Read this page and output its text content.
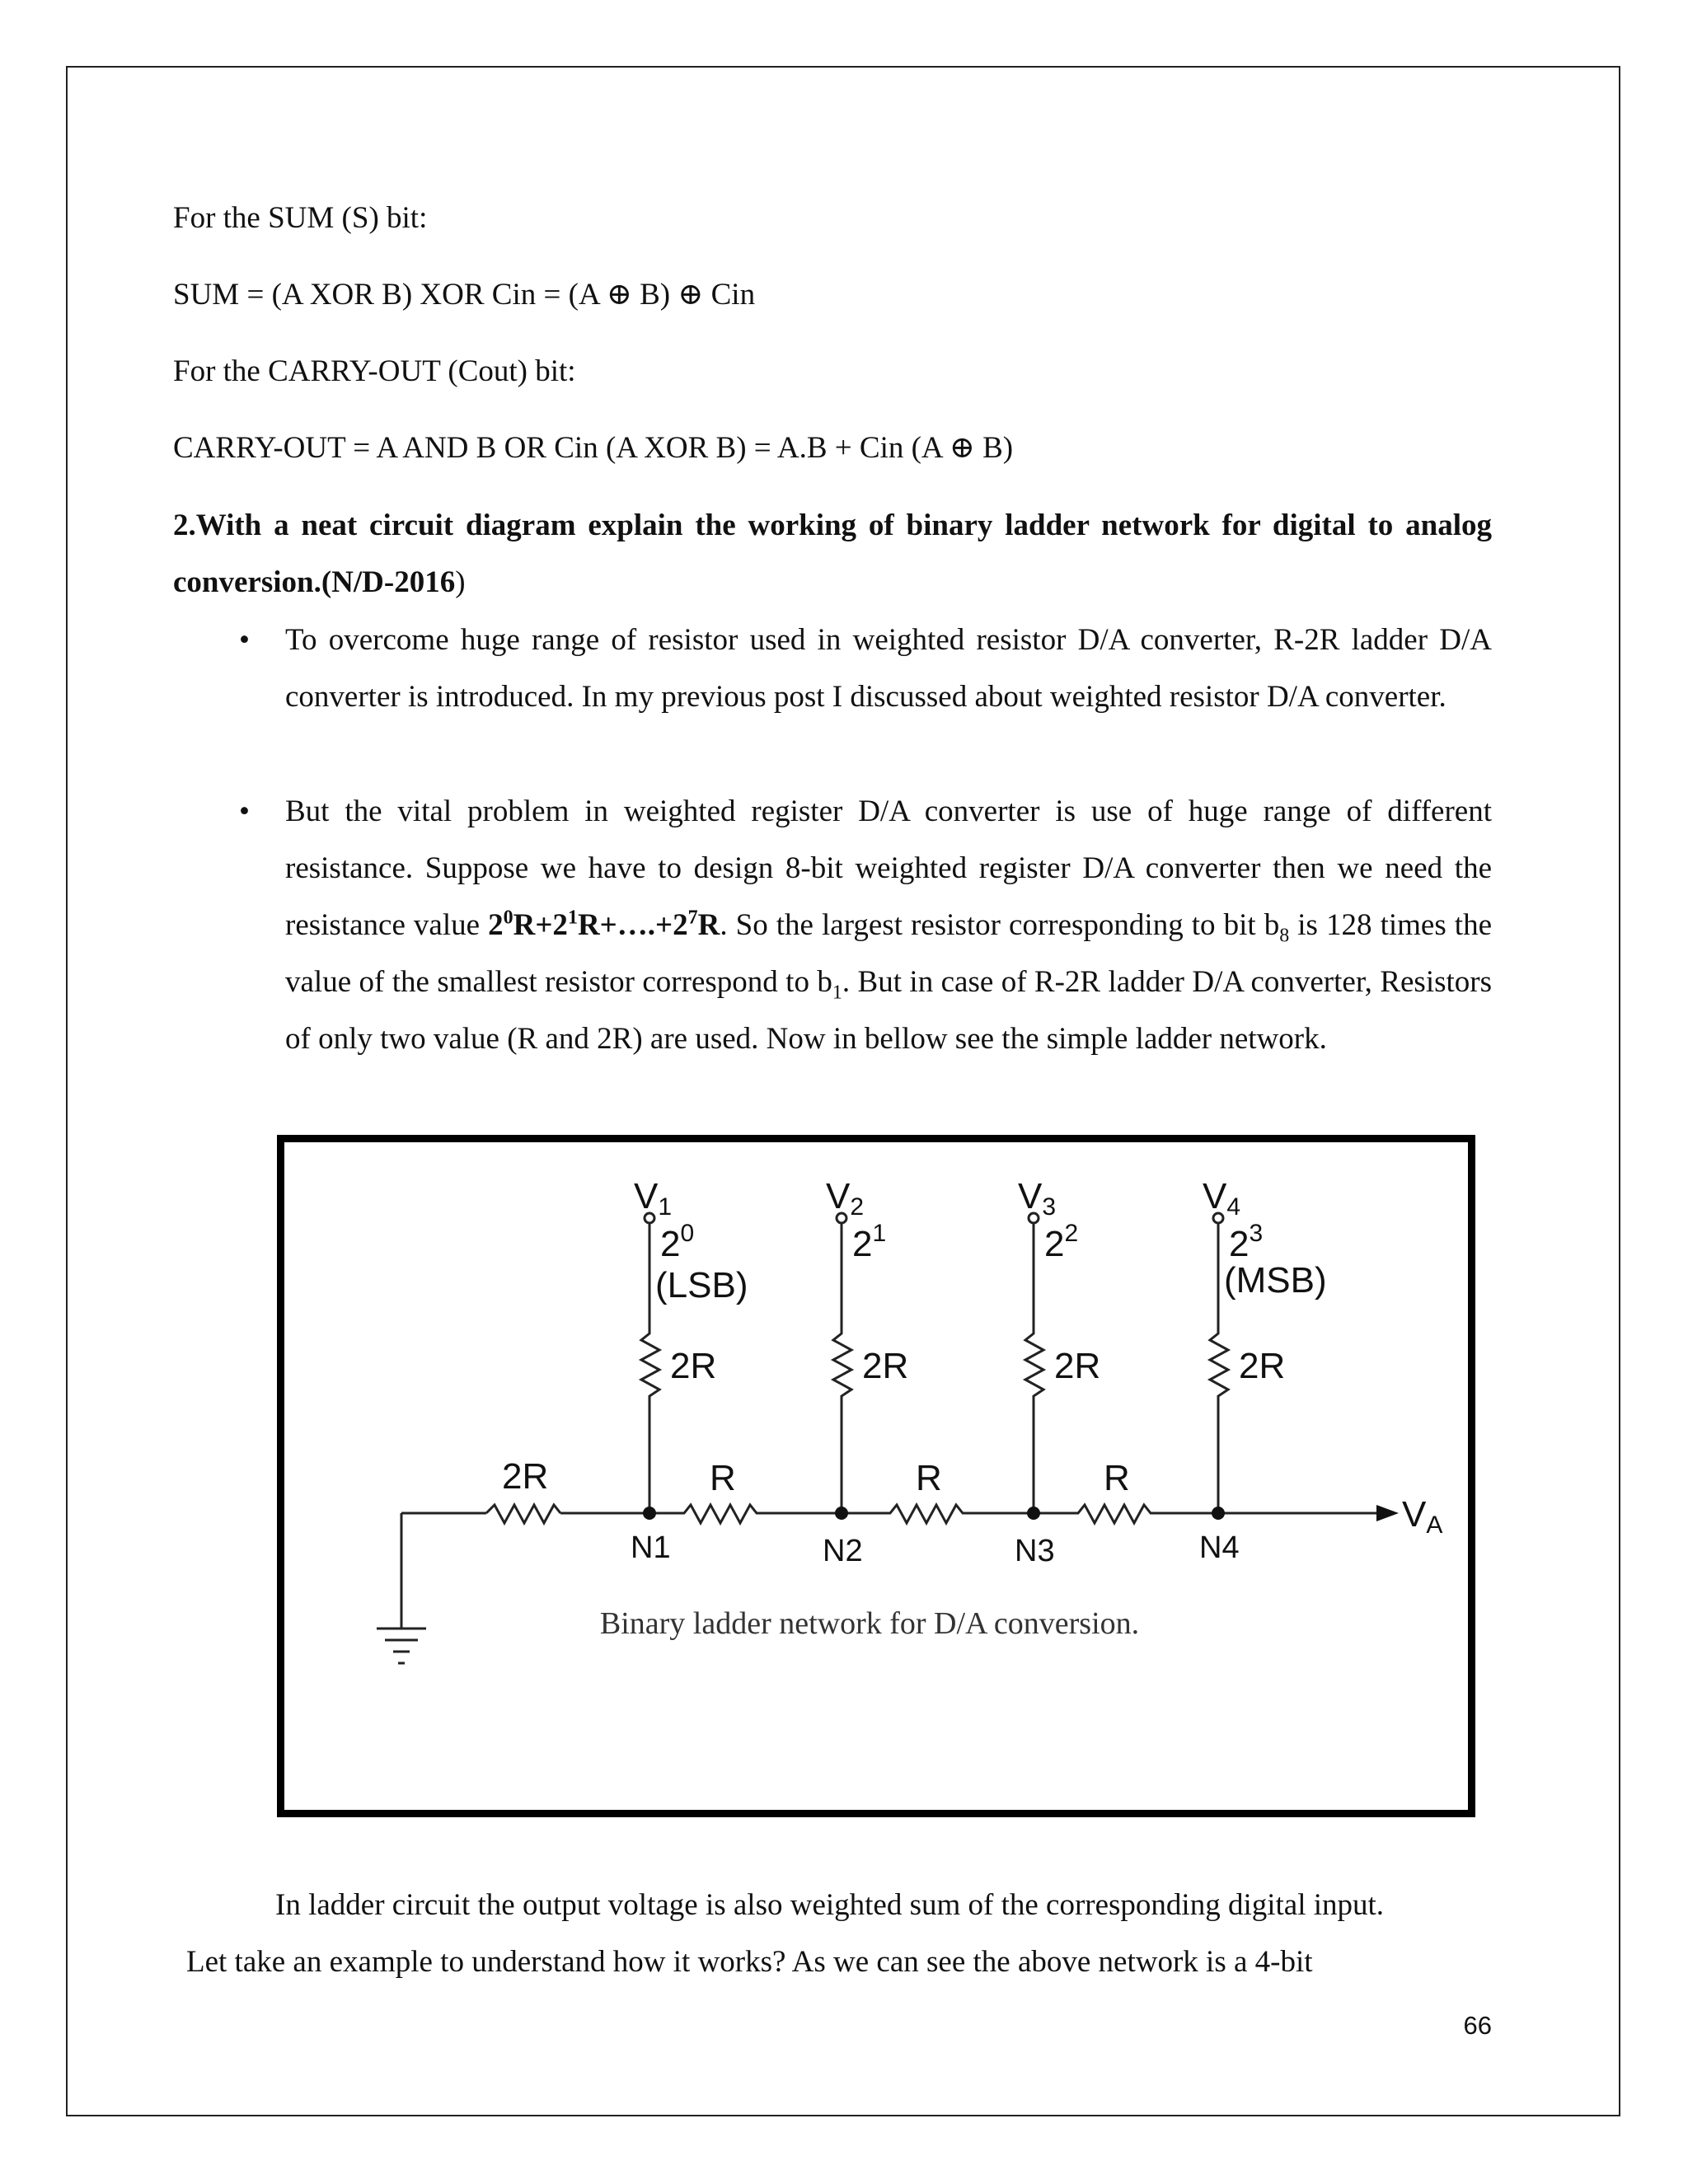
For the SUM (S) bit:

SUM = (A XOR B) XOR Cin = (A ⊕ B) ⊕ Cin

For the CARRY-OUT (Cout) bit:

CARRY-OUT = A AND B OR Cin (A XOR B) = A.B + Cin (A ⊕ B)

2.With a neat circuit diagram explain the working of binary ladder network for digital to analog conversion.(N/D-2016)

• To overcome huge range of resistor used in weighted resistor D/A converter, R-2R ladder D/A converter is introduced. In my previous post I discussed about weighted resistor D/A converter.

• But the vital problem in weighted register D/A converter is use of huge range of different resistance. Suppose we have to design 8-bit weighted register D/A converter then we need the resistance value $2^0R+2^1R+\dots.+2^7R$. So the largest resistor corresponding to bit $b_8$ is 128 times the value of the smallest resistor correspond to $b_1$. But in case of R-2R ladder D/A converter, Resistors of only two value (R and 2R) are used. Now in bellow see the simple ladder network.

V1	V2	V3	V4
$2^0$	$2^1$	$2^2$	$2^3$
(LSB)	(MSB)
2R	2R	2R	2R
2R	R	R	R
N1	N2	N3	N4
VA
Binary ladder network for D/A conversion.

In ladder circuit the output voltage is also weighted sum of the corresponding digital input.

Let take an example to understand how it works? As we can see the above network is a 4-bit

66
